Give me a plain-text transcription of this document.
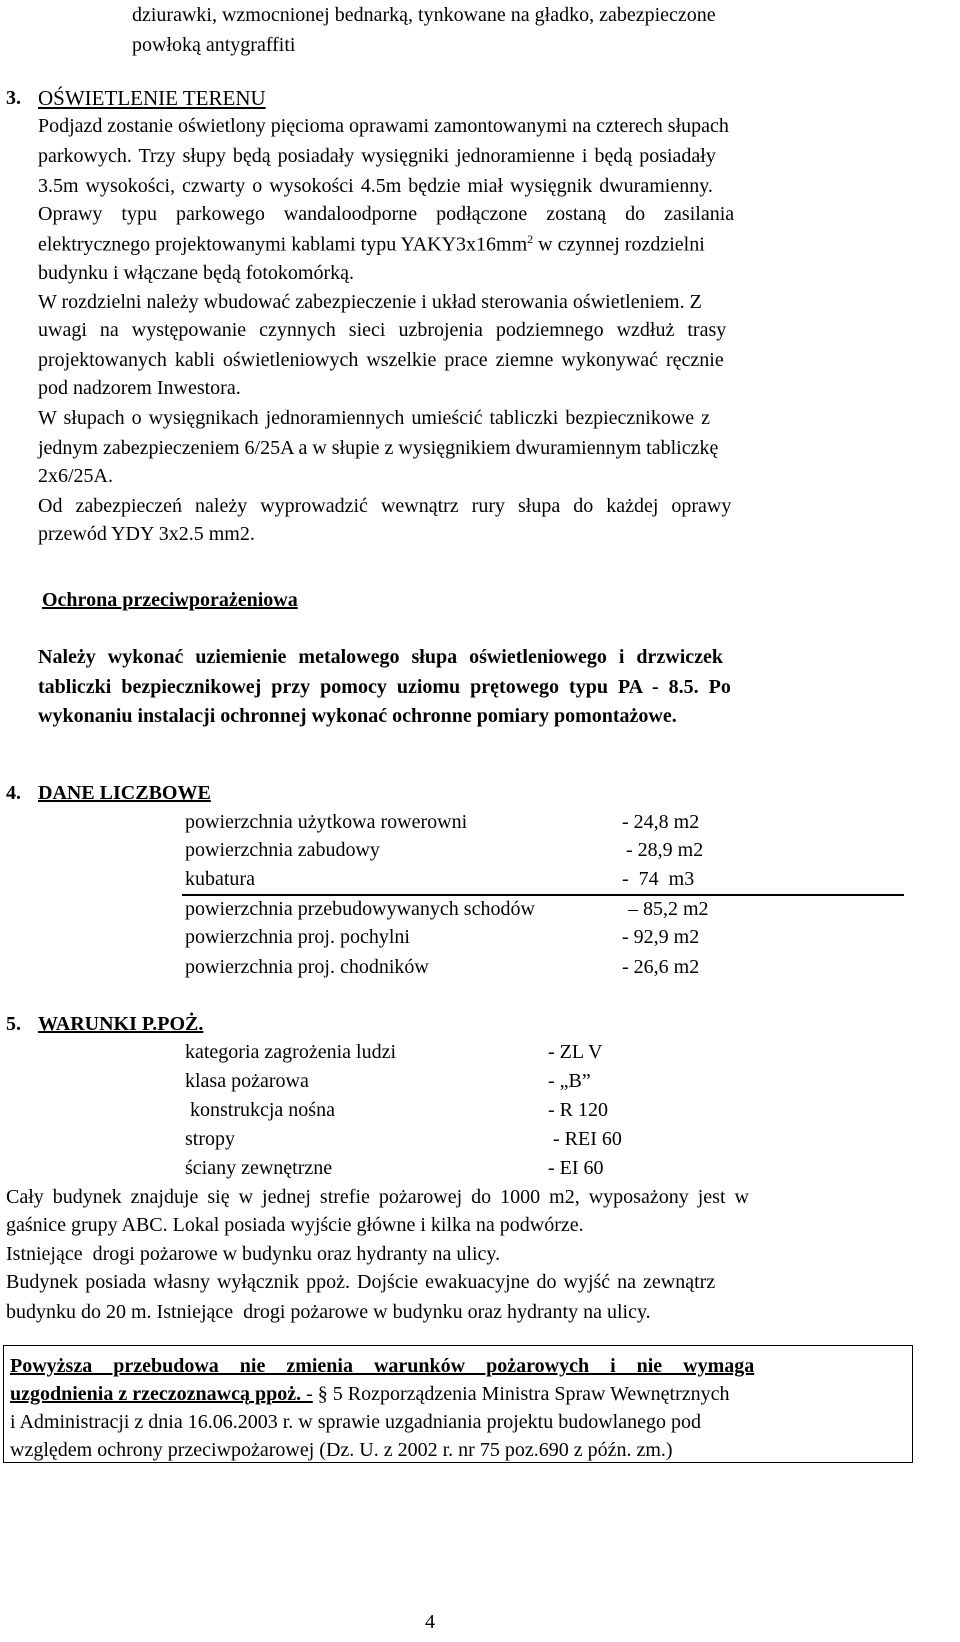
dziurawki, wzmocnionej bednarką, tynkowane na gładko, zabezpieczone
powłoką antygraffiti
3. OŚWIETLENIE TERENU
Podjazd zostanie oświetlony pięcioma oprawami zamontowanymi na czterech słupach
parkowych. Trzy słupy będą posiadały wysięgniki jednoramienne i będą posiadały
3.5m wysokości, czwarty o wysokości 4.5m będzie miał wysięgnik dwuramienny.
Oprawy typu parkowego wandaloodporne podłączone zostaną do zasilania
elektrycznego projektowanymi kablami typu $YAKY3x16mm^2$ w czynnej rozdzielni
budynku i włączane będą fotokomórką.
W rozdzielni należy wbudować zabezpieczenie i układ sterowania oświetleniem. Z
uwagi na występowanie czynnych sieci uzbrojenia podziemnego wzdłuż trasy
projektowanych kabli oświetleniowych wszelkie prace ziemne wykonywać ręcznie
pod nadzorem Inwestora.
W słupach o wysięgnikach jednoramiennych umieścić tabliczki bezpiecznikowe z
jednym zabezpieczeniem 6/25A a w słupie z wysięgnikiem dwuramiennym tabliczkę
2x6/25A.
Od zabezpieczeń należy wyprowadzić wewnątrz rury słupa do każdej oprawy
przewód YDY 3x2.5 mm2.
Ochrona przeciwporażeniowa
Należy wykonać uziemienie metalowego słupa oświetleniowego i drzwiczek
tabliczki bezpiecznikowej przy pomocy uziomu prętowego typu PA - 8.5. Po
wykonaniu instalacji ochronnej wykonać ochronne pomiary pomontażowe.
4. DANE LICZBOWE
powierzchnia użytkowa rowerowni	- 24,8 m2
powierzchnia zabudowy	- 28,9 m2
kubatura	-  74  m3
powierzchnia przebudowywanych schodów	– 85,2 m2
powierzchnia proj. pochylni	- 92,9 m2
powierzchnia proj. chodników	- 26,6 m2
5. WARUNKI P.POŻ.
kategoria zagrożenia ludzi	- ZL V
klasa pożarowa	- „B”
konstrukcja nośna	- R 120
stropy	- REI 60
ściany zewnętrzne	- EI 60
Cały budynek znajduje się w jednej strefie pożarowej do 1000 m2, wyposażony jest w
gaśnice grupy ABC. Lokal posiada wyjście główne i kilka na podwórze.
Istniejące  drogi pożarowe w budynku oraz hydranty na ulicy.
Budynek posiada własny wyłącznik ppoż. Dojście ewakuacyjne do wyjść na zewnątrz
budynku do 20 m. Istniejące  drogi pożarowe w budynku oraz hydranty na ulicy.
Powyższa przebudowa nie zmienia warunków pożarowych i nie wymaga
uzgodnienia z rzeczoznawcą ppoż. - § 5 Rozporządzenia Ministra Spraw Wewnętrznych
i Administracji z dnia 16.06.2003 r. w sprawie uzgadniania projektu budowlanego pod
względem ochrony przeciwpożarowej (Dz. U. z 2002 r. nr 75 poz.690 z późn. zm.)
4
